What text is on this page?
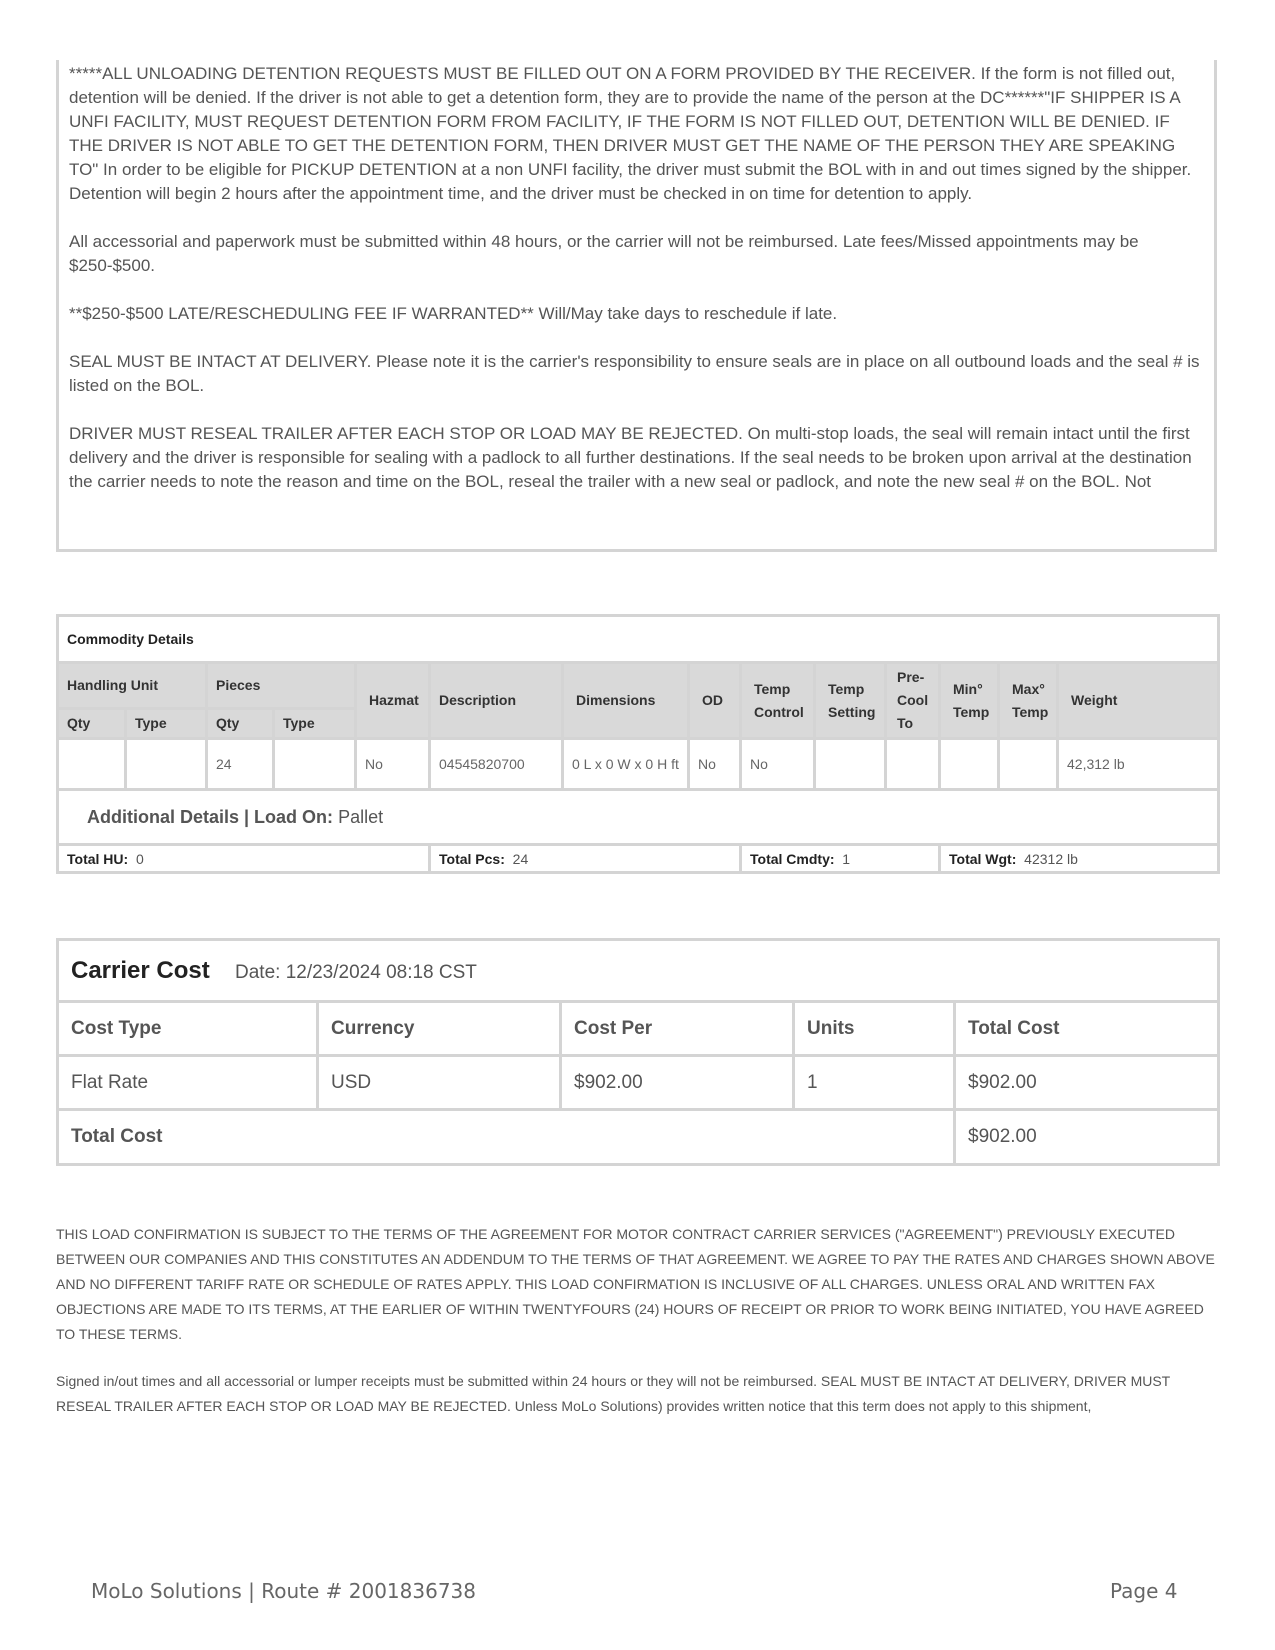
*****ALL UNLOADING DETENTION REQUESTS MUST BE FILLED OUT ON A FORM PROVIDED BY THE RECEIVER. If the form is not filled out, detention will be denied. If the driver is not able to get a detention form, they are to provide the name of the person at the DC******"IF SHIPPER IS A UNFI FACILITY, MUST REQUEST DETENTION FORM FROM FACILITY, IF THE FORM IS NOT FILLED OUT, DETENTION WILL BE DENIED. IF THE DRIVER IS NOT ABLE TO GET THE DETENTION FORM, THEN DRIVER MUST GET THE NAME OF THE PERSON THEY ARE SPEAKING TO" In order to be eligible for PICKUP DETENTION at a non UNFI facility, the driver must submit the BOL with in and out times signed by the shipper. Detention will begin 2 hours after the appointment time, and the driver must be checked in on time for detention to apply.

All accessorial and paperwork must be submitted within 48 hours, or the carrier will not be reimbursed. Late fees/Missed appointments may be $250-$500.

**$250-$500 LATE/RESCHEDULING FEE IF WARRANTED** Will/May take days to reschedule if late.

SEAL MUST BE INTACT AT DELIVERY. Please note it is the carrier's responsibility to ensure seals are in place on all outbound loads and the seal # is listed on the BOL.

DRIVER MUST RESEAL TRAILER AFTER EACH STOP OR LOAD MAY BE REJECTED. On multi-stop loads, the seal will remain intact until the first delivery and the driver is responsible for sealing with a padlock to all further destinations. If the seal needs to be broken upon arrival at the destination the carrier needs to note the reason and time on the BOL, reseal the trailer with a new seal or padlock, and note the new seal # on the BOL. Not

Commodity Details													
Handling Unit		Pieces		Hazmat	Description	Dimensions	OD	Temp Control	Temp Setting	Pre-Cool To	Min° Temp	Max° Temp	Weight
Qty	Type	Qty	Type										
		24		No	04545820700	0 L x 0 W x 0 H ft	No	No					42,312 lb
Additional Details | Load On: Pallet													
Total HU: 0					Total Pcs: 24			Total Cmdty: 1			Total Wgt: 42312 lb		
Carrier Cost Date: 12/23/2024 08:18 CST				
Cost Type	Currency	Cost Per	Units	Total Cost
Flat Rate	USD	$902.00	1	$902.00
Total Cost				$902.00

THIS LOAD CONFIRMATION IS SUBJECT TO THE TERMS OF THE AGREEMENT FOR MOTOR CONTRACT CARRIER SERVICES ("AGREEMENT") PREVIOUSLY EXECUTED BETWEEN OUR COMPANIES AND THIS CONSTITUTES AN ADDENDUM TO THE TERMS OF THAT AGREEMENT. WE AGREE TO PAY THE RATES AND CHARGES SHOWN ABOVE AND NO DIFFERENT TARIFF RATE OR SCHEDULE OF RATES APPLY. THIS LOAD CONFIRMATION IS INCLUSIVE OF ALL CHARGES. UNLESS ORAL AND WRITTEN FAX OBJECTIONS ARE MADE TO ITS TERMS, AT THE EARLIER OF WITHIN TWENTYFOURS (24) HOURS OF RECEIPT OR PRIOR TO WORK BEING INITIATED, YOU HAVE AGREED TO THESE TERMS.

Signed in/out times and all accessorial or lumper receipts must be submitted within 24 hours or they will not be reimbursed. SEAL MUST BE INTACT AT DELIVERY, DRIVER MUST RESEAL TRAILER AFTER EACH STOP OR LOAD MAY BE REJECTED. Unless MoLo Solutions) provides written notice that this term does not apply to this shipment,

MoLo Solutions | Route # 2001836738	Page 4
